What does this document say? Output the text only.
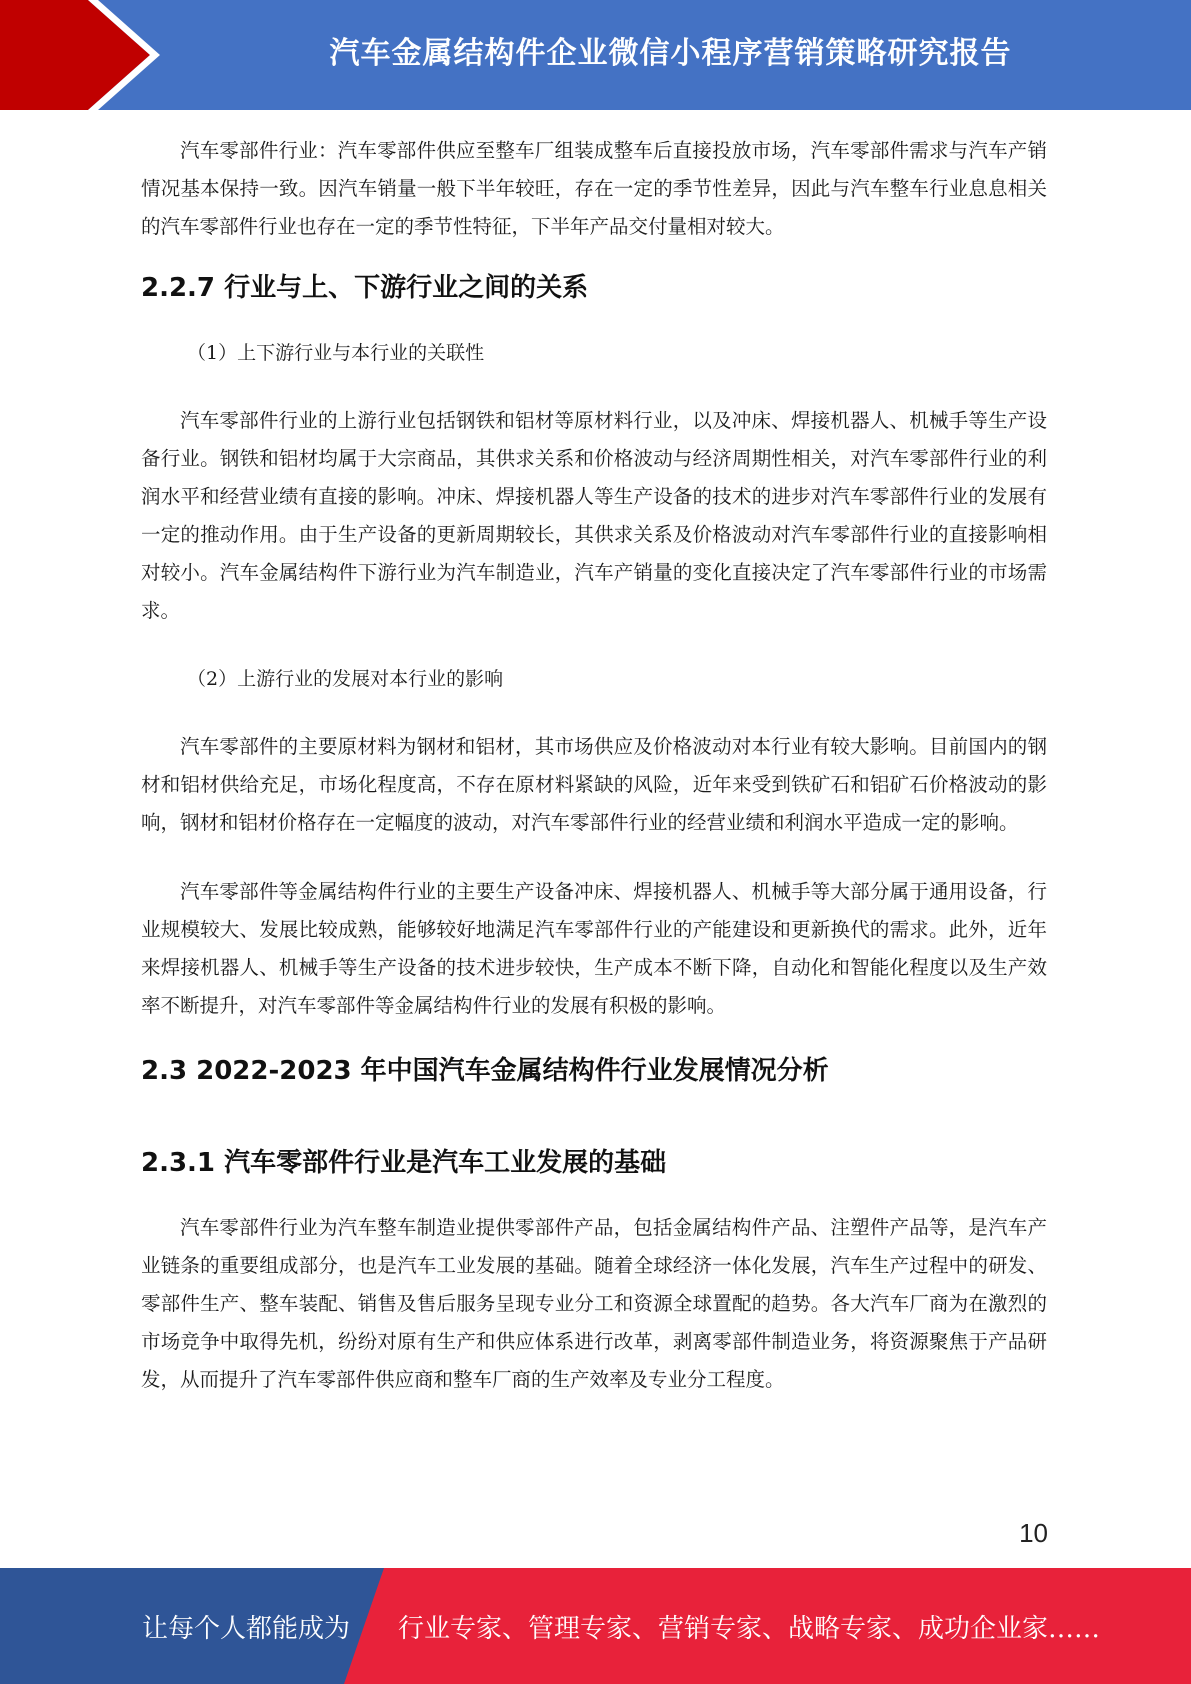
汽车金属结构件企业微信小程序营销策略研究报告

汽车零部件行业：汽车零部件供应至整车厂组装成整车后直接投放市场，汽车零部件需求与汽车产销情况基本保持一致。因汽车销量一般下半年较旺，存在一定的季节性差异，因此与汽车整车行业息息相关的汽车零部件行业也存在一定的季节性特征，下半年产品交付量相对较大。

2.2.7 行业与上、下游行业之间的关系

（1）上下游行业与本行业的关联性

汽车零部件行业的上游行业包括钢铁和铝材等原材料行业，以及冲床、焊接机器人、机械手等生产设备行业。钢铁和铝材均属于大宗商品，其供求关系和价格波动与经济周期性相关，对汽车零部件行业的利润水平和经营业绩有直接的影响。冲床、焊接机器人等生产设备的技术的进步对汽车零部件行业的发展有一定的推动作用。由于生产设备的更新周期较长，其供求关系及价格波动对汽车零部件行业的直接影响相对较小。汽车金属结构件下游行业为汽车制造业，汽车产销量的变化直接决定了汽车零部件行业的市场需求。

（2）上游行业的发展对本行业的影响

汽车零部件的主要原材料为钢材和铝材，其市场供应及价格波动对本行业有较大影响。目前国内的钢材和铝材供给充足，市场化程度高，不存在原材料紧缺的风险，近年来受到铁矿石和铝矿石价格波动的影响，钢材和铝材价格存在一定幅度的波动，对汽车零部件行业的经营业绩和利润水平造成一定的影响。

汽车零部件等金属结构件行业的主要生产设备冲床、焊接机器人、机械手等大部分属于通用设备，行业规模较大、发展比较成熟，能够较好地满足汽车零部件行业的产能建设和更新换代的需求。此外，近年来焊接机器人、机械手等生产设备的技术进步较快，生产成本不断下降，自动化和智能化程度以及生产效率不断提升，对汽车零部件等金属结构件行业的发展有积极的影响。

2.3 2022-2023 年中国汽车金属结构件行业发展情况分析
2.3.1 汽车零部件行业是汽车工业发展的基础

汽车零部件行业为汽车整车制造业提供零部件产品，包括金属结构件产品、注塑件产品等，是汽车产业链条的重要组成部分，也是汽车工业发展的基础。随着全球经济一体化发展，汽车生产过程中的研发、零部件生产、整车装配、销售及售后服务呈现专业分工和资源全球置配的趋势。各大汽车厂商为在激烈的市场竞争中取得先机，纷纷对原有生产和供应体系进行改革，剥离零部件制造业务，将资源聚焦于产品研发，从而提升了汽车零部件供应商和整车厂商的生产效率及专业分工程度。

10
让每个人都能成为 行业专家、管理专家、营销专家、战略专家、成功企业家……
